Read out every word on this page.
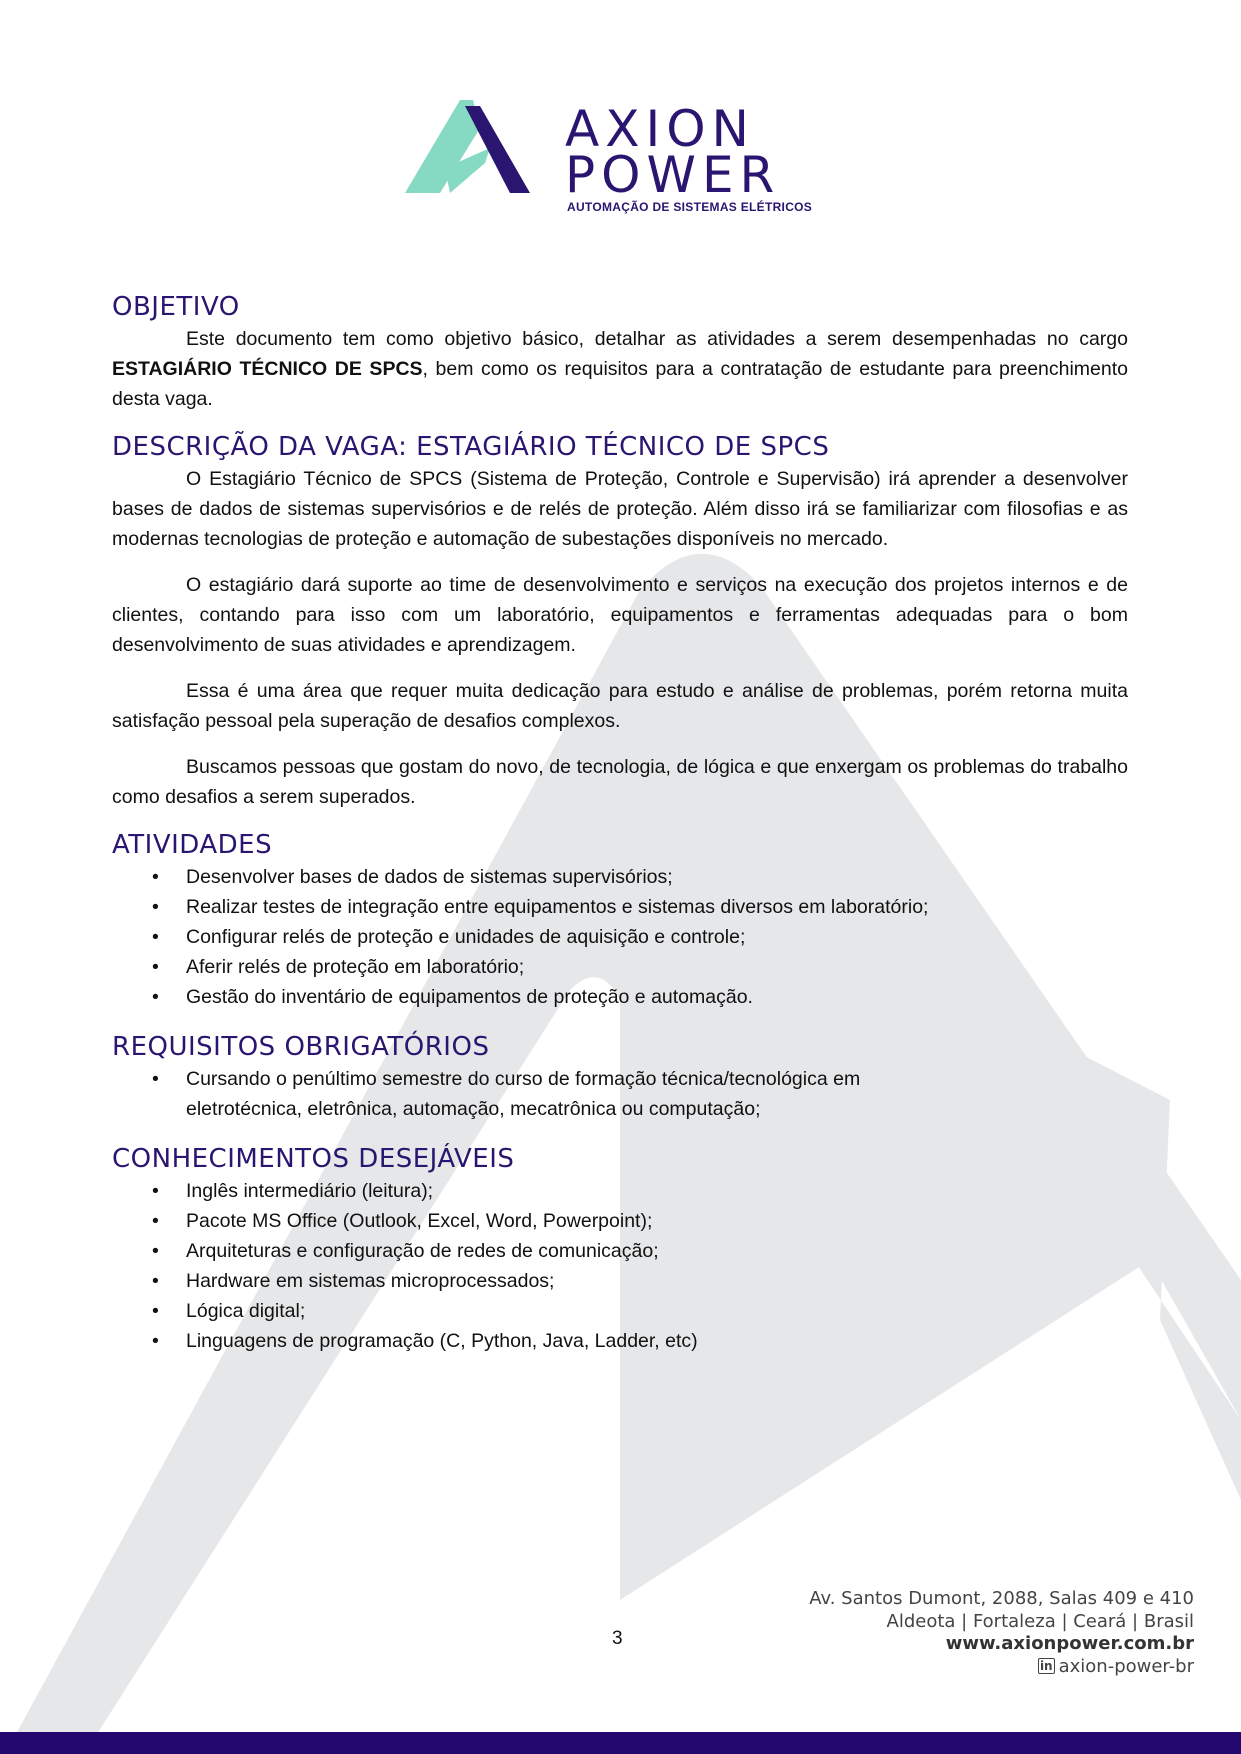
AXION
POWER
AUTOMAÇÃO DE SISTEMAS ELÉTRICOS
OBJETIVO

Este documento tem como objetivo básico, detalhar as atividades a serem desempenhadas no cargo ESTAGIÁRIO TÉCNICO DE SPCS, bem como os requisitos para a contratação de estudante para preenchimento desta vaga.

DESCRIÇÃO DA VAGA: ESTAGIÁRIO TÉCNICO DE SPCS

O Estagiário Técnico de SPCS (Sistema de Proteção, Controle e Supervisão) irá aprender a desenvolver bases de dados de sistemas supervisórios e de relés de proteção. Além disso irá se familiarizar com filosofias e as modernas tecnologias de proteção e automação de subestações disponíveis no mercado.

O estagiário dará suporte ao time de desenvolvimento e serviços na execução dos projetos internos e de clientes, contando para isso com um laboratório, equipamentos e ferramentas adequadas para o bom desenvolvimento de suas atividades e aprendizagem.

Essa é uma área que requer muita dedicação para estudo e análise de problemas, porém retorna muita satisfação pessoal pela superação de desafios complexos.

Buscamos pessoas que gostam do novo, de tecnologia, de lógica e que enxergam os problemas do trabalho como desafios a serem superados.

ATIVIDADES
• Desenvolver bases de dados de sistemas supervisórios;
• Realizar testes de integração entre equipamentos e sistemas diversos em laboratório;
• Configurar relés de proteção e unidades de aquisição e controle;
• Aferir relés de proteção em laboratório;
• Gestão do inventário de equipamentos de proteção e automação.
REQUISITOS OBRIGATÓRIOS
• Cursando o penúltimo semestre do curso de formação técnica/tecnológica em eletrotécnica, eletrônica, automação, mecatrônica ou computação;
CONHECIMENTOS DESEJÁVEIS
• Inglês intermediário (leitura);
• Pacote MS Office (Outlook, Excel, Word, Powerpoint);
• Arquiteturas e configuração de redes de comunicação;
• Hardware em sistemas microprocessados;
• Lógica digital;
• Linguagens de programação (C, Python, Java, Ladder, etc)
3
Av. Santos Dumont, 2088, Salas 409 e 410
Aldeota | Fortaleza | Ceará | Brasil
www.axionpower.com.br
in axion-power-br
